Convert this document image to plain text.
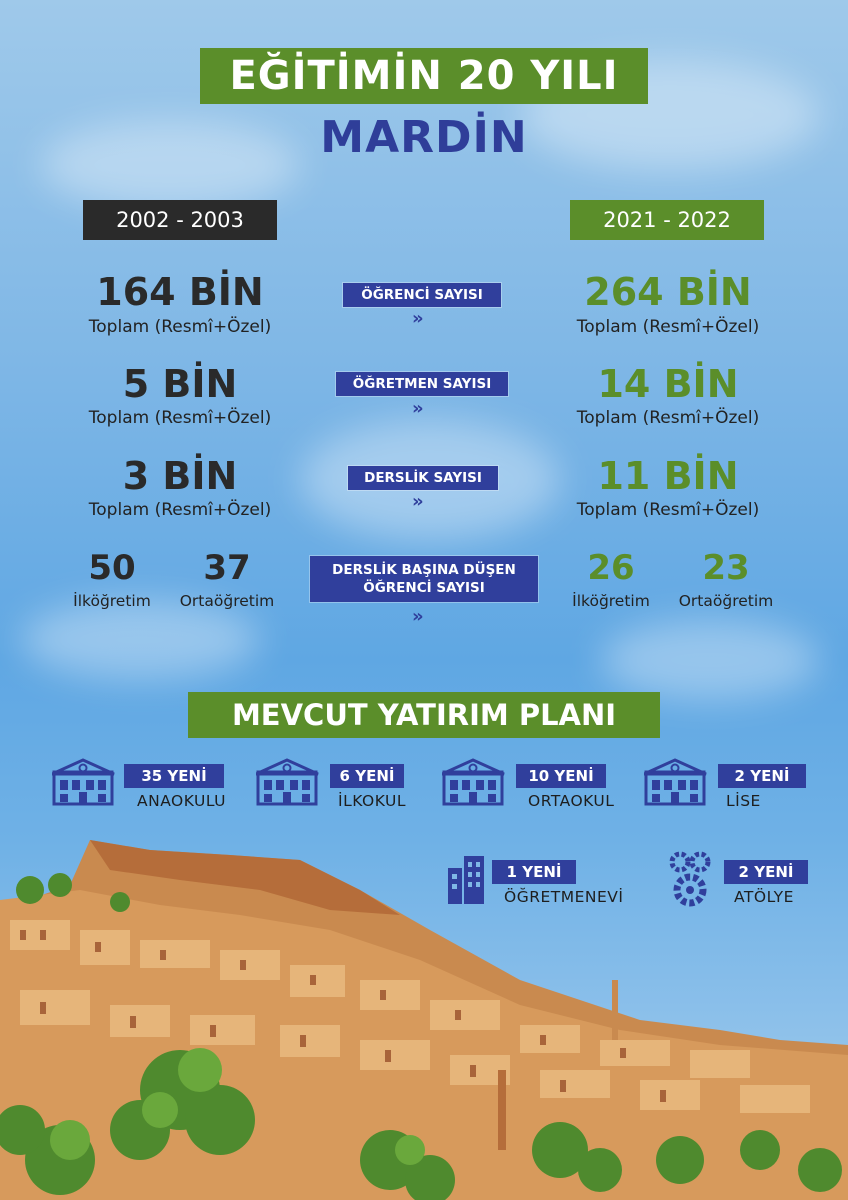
EĞİTİMİN 20 YILI
MARDİN
2002 - 2003	2021 - 2022
164 BİN
Toplam (Resmî+Özel)
ÖĞRENCİ SAYISI
»
264 BİN
Toplam (Resmî+Özel)
5 BİN
Toplam (Resmî+Özel)
ÖĞRETMEN SAYISI
»
14 BİN
Toplam (Resmî+Özel)
3 BİN
Toplam (Resmî+Özel)
DERSLİK SAYISI
»
11 BİN
Toplam (Resmî+Özel)
50
İlköğretim
37
Ortaöğretim
DERSLİK BAŞINA DÜŞEN
ÖĞRENCİ SAYISI
»
26
İlköğretim
23
Ortaöğretim
MEVCUT YATIRIM PLANI
35 YENİ
ANAOKULU
6 YENİ
İLKOKUL
10 YENİ
ORTAOKUL
2 YENİ
LİSE
1 YENİ
ÖĞRETMENEVİ
2 YENİ
ATÖLYE
